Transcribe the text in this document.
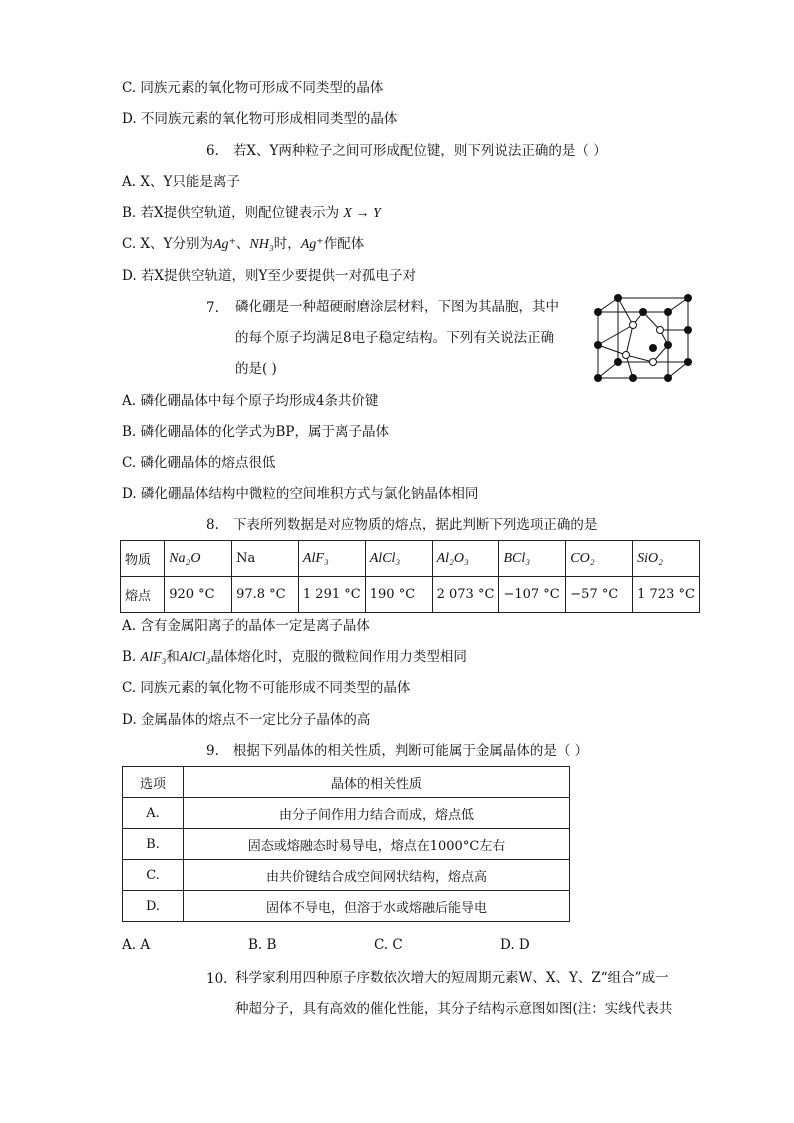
C. 同族元素的氧化物可形成不同类型的晶体
D. 不同族元素的氧化物可形成相同类型的晶体
6. 若X、Y两种粒子之间可形成配位键，则下列说法正确的是（ ）
A. X、Y只能是离子
B. 若X提供空轨道，则配位键表示为 X → Y
C. X、Y分别为Ag⁺、NH₃时，Ag⁺作配体
D. 若X提供空轨道，则Y至少要提供一对孤电子对
7. 磷化硼是一种超硬耐磨涂层材料，下图为其晶胞，其中
的每个原子均满足8电子稳定结构。下列有关说法正确
的是( )
A. 磷化硼晶体中每个原子均形成4条共价键
B. 磷化硼晶体的化学式为BP，属于离子晶体
C. 磷化硼晶体的熔点很低
D. 磷化硼晶体结构中微粒的空间堆积方式与氯化钠晶体相同
8. 下表所列数据是对应物质的熔点，据此判断下列选项正确的是
物质	Na₂O	Na	AlF₃	AlCl₃	Al₂O₃	BCl₃	CO₂	SiO₂
熔点	920 °C	97.8 °C	1 291 °C	190 °C	2 073 °C	−107 °C	−57 °C	1 723 °C
A. 含有金属阳离子的晶体一定是离子晶体
B. AlF₃和AlCl₃晶体熔化时，克服的微粒间作用力类型相同
C. 同族元素的氧化物不可能形成不同类型的晶体
D. 金属晶体的熔点不一定比分子晶体的高
9. 根据下列晶体的相关性质，判断可能属于金属晶体的是（ ）
选项	晶体的相关性质
A.	由分子间作用力结合而成，熔点低
B.	固态或熔融态时易导电，熔点在1000°C左右
C.	由共价键结合成空间网状结构，熔点高
D.	固体不导电，但溶于水或熔融后能导电
A. A	B. B	C. C	D. D
10. 科学家利用四种原子序数依次增大的短周期元素W、X、Y、Z“组合”成一
种超分子，具有高效的催化性能，其分子结构示意图如图(注：实线代表共
